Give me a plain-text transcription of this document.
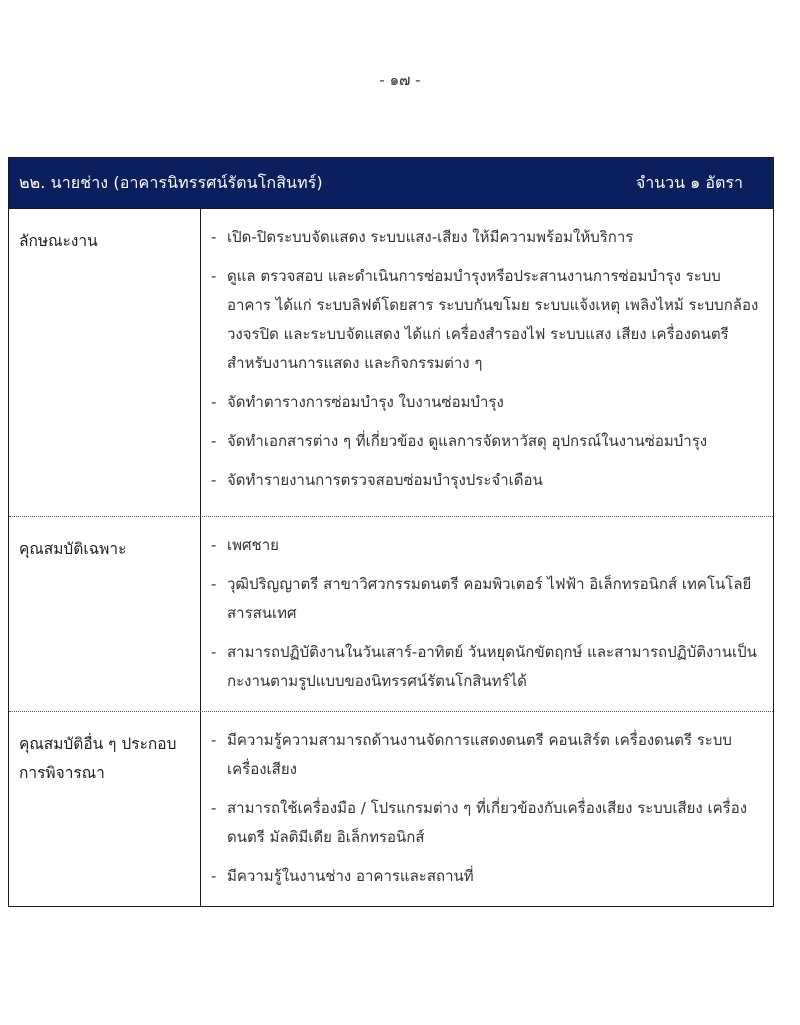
- ๑๗ -
๒๒. นายช่าง (อาคารนิทรรศน์รัตนโกสินทร์)	จำนวน ๑ อัตรา
ลักษณะงาน	- เปิด-ปิดระบบจัดแสดง ระบบแสง-เสียง ให้มีความพร้อมให้บริการ
- ดูแล ตรวจสอบ และดำเนินการซ่อมบำรุงหรือประสานงานการซ่อมบำรุง ระบบอาคาร ได้แก่ ระบบลิฟต์โดยสาร ระบบกันขโมย ระบบแจ้งเหตุ เพลิงไหม้ ระบบกล้องวงจรปิด และระบบจัดแสดง ได้แก่ เครื่องสำรองไฟ ระบบแสง เสียง เครื่องดนตรี สำหรับงานการแสดง และกิจกรรมต่าง ๆ
- จัดทำตารางการซ่อมบำรุง ใบงานซ่อมบำรุง
- จัดทำเอกสารต่าง ๆ ที่เกี่ยวข้อง ดูแลการจัดหาวัสดุ อุปกรณ์ในงานซ่อมบำรุง
- จัดทำรายงานการตรวจสอบซ่อมบำรุงประจำเดือน
คุณสมบัติเฉพาะ	- เพศชาย
- วุฒิปริญญาตรี สาขาวิศวกรรมดนตรี คอมพิวเตอร์ ไฟฟ้า อิเล็กทรอนิกส์ เทคโนโลยีสารสนเทศ
- สามารถปฏิบัติงานในวันเสาร์-อาทิตย์ วันหยุดนักขัตฤกษ์ และสามารถปฏิบัติงานเป็นกะงานตามรูปแบบของนิทรรศน์รัตนโกสินทร์ได้
คุณสมบัติอื่น ๆ ประกอบการพิจารณา
- มีความรู้ความสามารถด้านงานจัดการแสดงดนตรี คอนเสิร์ต เครื่องดนตรี ระบบเครื่องเสียง
- สามารถใช้เครื่องมือ / โปรแกรมต่าง ๆ ที่เกี่ยวข้องกับเครื่องเสียง ระบบเสียง เครื่องดนตรี มัลติมีเดีย อิเล็กทรอนิกส์
- มีความรู้ในงานช่าง อาคารและสถานที่
